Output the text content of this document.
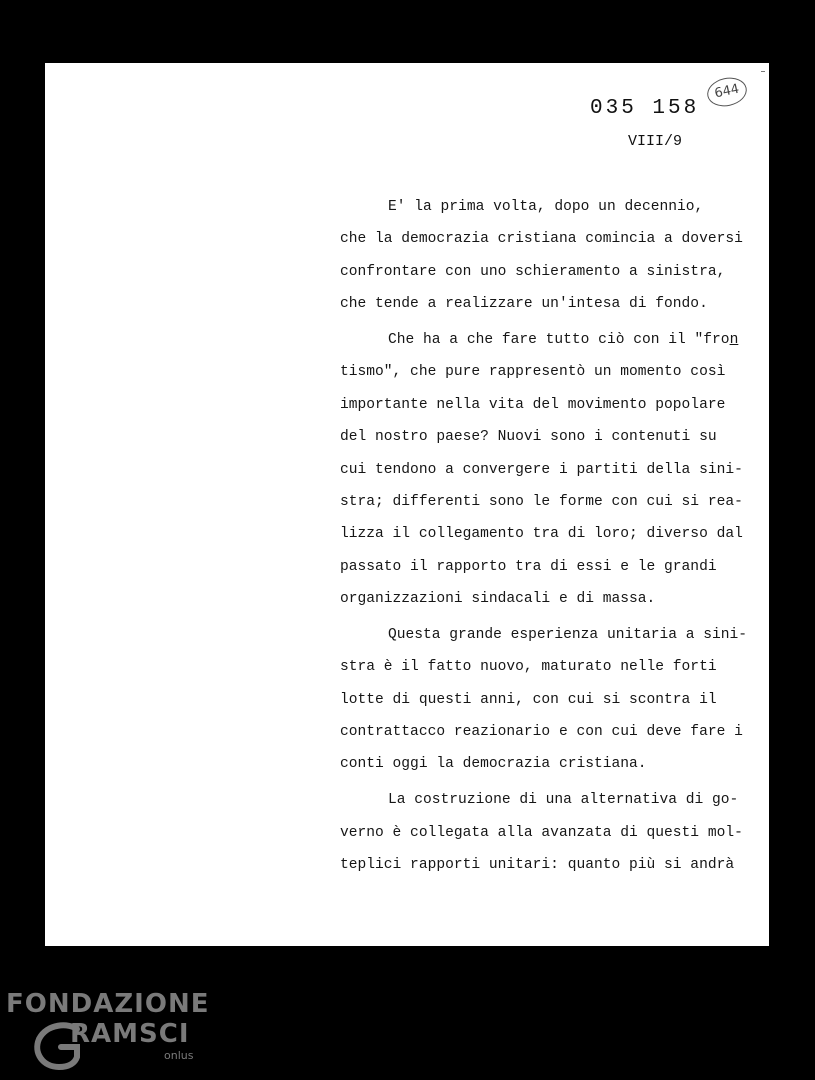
035 158
644
VIII/9
E' la prima volta, dopo un decennio,
che la democrazia cristiana comincia a doversi
confrontare con uno schieramento a sinistra,
che tende a realizzare un'intesa di fondo.
Che ha a che fare tutto ciò con il "fron
tismo", che pure rappresentò un momento così
importante nella vita del movimento popolare
del nostro paese? Nuovi sono i contenuti su
cui tendono a convergere i partiti della sini-
stra; differenti sono le forme con cui si rea-
lizza il collegamento tra di loro; diverso dal
passato il rapporto tra di essi e le grandi
organizzazioni sindacali e di massa.
Questa grande esperienza unitaria a sini-
stra è il fatto nuovo, maturato nelle forti
lotte di questi anni, con cui si scontra il
contrattacco reazionario e con cui deve fare i
conti oggi la democrazia cristiana.
La costruzione di una alternativa di go-
verno è collegata alla avanzata di questi mol-
teplici rapporti unitari: quanto più si andrà
FONDAZIONE
RAMSCI
onlus
